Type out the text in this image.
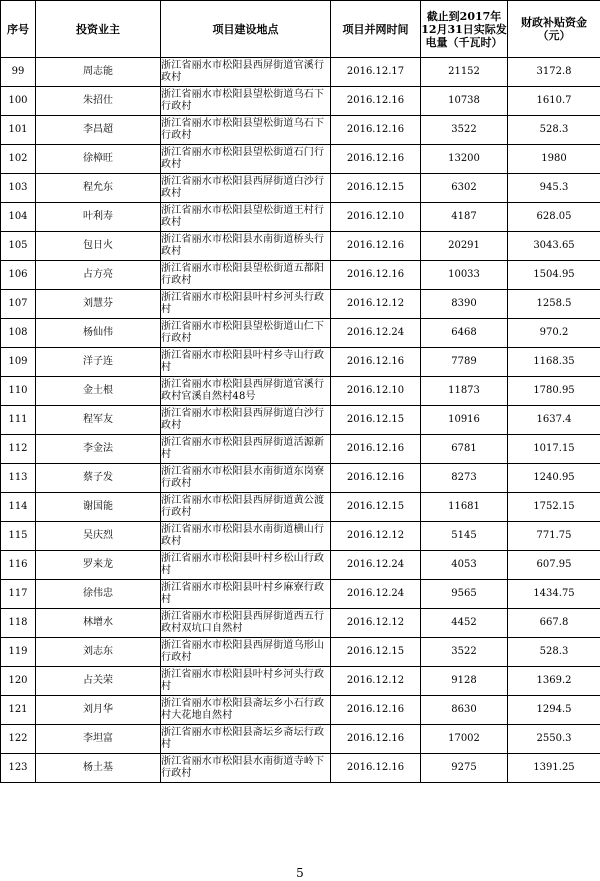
序号	投资业主	项目建设地点	项目并网时间	截止到2017年12月31日实际发电量（千瓦时）	财政补贴资金（元）
99	周志能	浙江省丽水市松阳县西屏街道官溪行政村	2016.12.17	21152	3172.8
100	朱招仕	浙江省丽水市松阳县望松街道乌石下行政村	2016.12.16	10738	1610.7
101	李昌超	浙江省丽水市松阳县望松街道乌石下行政村	2016.12.16	3522	528.3
102	徐樟旺	浙江省丽水市松阳县望松街道石门行政村	2016.12.16	13200	1980
103	程允东	浙江省丽水市松阳县西屏街道白沙行政村	2016.12.15	6302	945.3
104	叶利寿	浙江省丽水市松阳县望松街道王村行政村	2016.12.10	4187	628.05
105	包日火	浙江省丽水市松阳县水南街道桥头行政村	2016.12.16	20291	3043.65
106	占方亮	浙江省丽水市松阳县望松街道五都阳行政村	2016.12.16	10033	1504.95
107	刘慧芬	浙江省丽水市松阳县叶村乡河头行政村	2016.12.12	8390	1258.5
108	杨仙伟	浙江省丽水市松阳县望松街道山仁下行政村	2016.12.24	6468	970.2
109	洋子连	浙江省丽水市松阳县叶村乡寺山行政村	2016.12.16	7789	1168.35
110	金土根	浙江省丽水市松阳县西屏街道官溪行政村官溪自然村48号	2016.12.10	11873	1780.95
111	程军友	浙江省丽水市松阳县西屏街道白沙行政村	2016.12.15	10916	1637.4
112	李金法	浙江省丽水市松阳县西屏街道活源新村	2016.12.16	6781	1017.15
113	蔡子发	浙江省丽水市松阳县水南街道东岗寮行政村	2016.12.16	8273	1240.95
114	谢国能	浙江省丽水市松阳县西屏街道黄公渡行政村	2016.12.15	11681	1752.15
115	吴庆烈	浙江省丽水市松阳县水南街道横山行政村	2016.12.12	5145	771.75
116	罗来龙	浙江省丽水市松阳县叶村乡松山行政村	2016.12.24	4053	607.95
117	徐伟忠	浙江省丽水市松阳县叶村乡麻寮行政村	2016.12.24	9565	1434.75
118	林增水	浙江省丽水市松阳县西屏街道西五行政村双坑口自然村	2016.12.12	4452	667.8
119	刘志东	浙江省丽水市松阳县西屏街道乌形山行政村	2016.12.15	3522	528.3
120	占关荣	浙江省丽水市松阳县叶村乡河头行政村	2016.12.12	9128	1369.2
121	刘月华	浙江省丽水市松阳县斋坛乡小石行政村大花地自然村	2016.12.16	8630	1294.5
122	李坦富	浙江省丽水市松阳县斋坛乡斋坛行政村	2016.12.16	17002	2550.3
123	杨土基	浙江省丽水市松阳县水南街道寺岭下行政村	2016.12.16	9275	1391.25
5
